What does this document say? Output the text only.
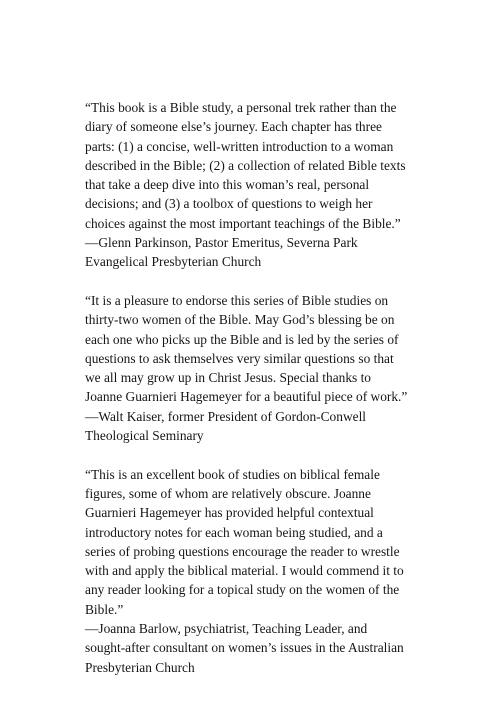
“This book is a Bible study, a personal trek rather than the
diary of someone else’s journey. Each chapter has three
parts: (1) a concise, well-written introduction to a woman
described in the Bible; (2) a collection of related Bible texts
that take a deep dive into this woman’s real, personal
decisions; and (3) a toolbox of questions to weigh her
choices against the most important teachings of the Bible.”

—Glenn Parkinson, Pastor Emeritus, Severna Park
Evangelical Presbyterian Church

“It is a pleasure to endorse this series of Bible studies on
thirty-two women of the Bible. May God’s blessing be on
each one who picks up the Bible and is led by the series of
questions to ask themselves very similar questions so that
we all may grow up in Christ Jesus. Special thanks to
Joanne Guarnieri Hagemeyer for a beautiful piece of work.”

—Walt Kaiser, former President of Gordon-Conwell
Theological Seminary

“This is an excellent book of studies on biblical female
figures, some of whom are relatively obscure. Joanne
Guarnieri Hagemeyer has provided helpful contextual
introductory notes for each woman being studied, and a
series of probing questions encourage the reader to wrestle
with and apply the biblical material. I would commend it to
any reader looking for a topical study on the women of the
Bible.”

—Joanna Barlow, psychiatrist, Teaching Leader, and
sought-after consultant on women’s issues in the Australian
Presbyterian Church
